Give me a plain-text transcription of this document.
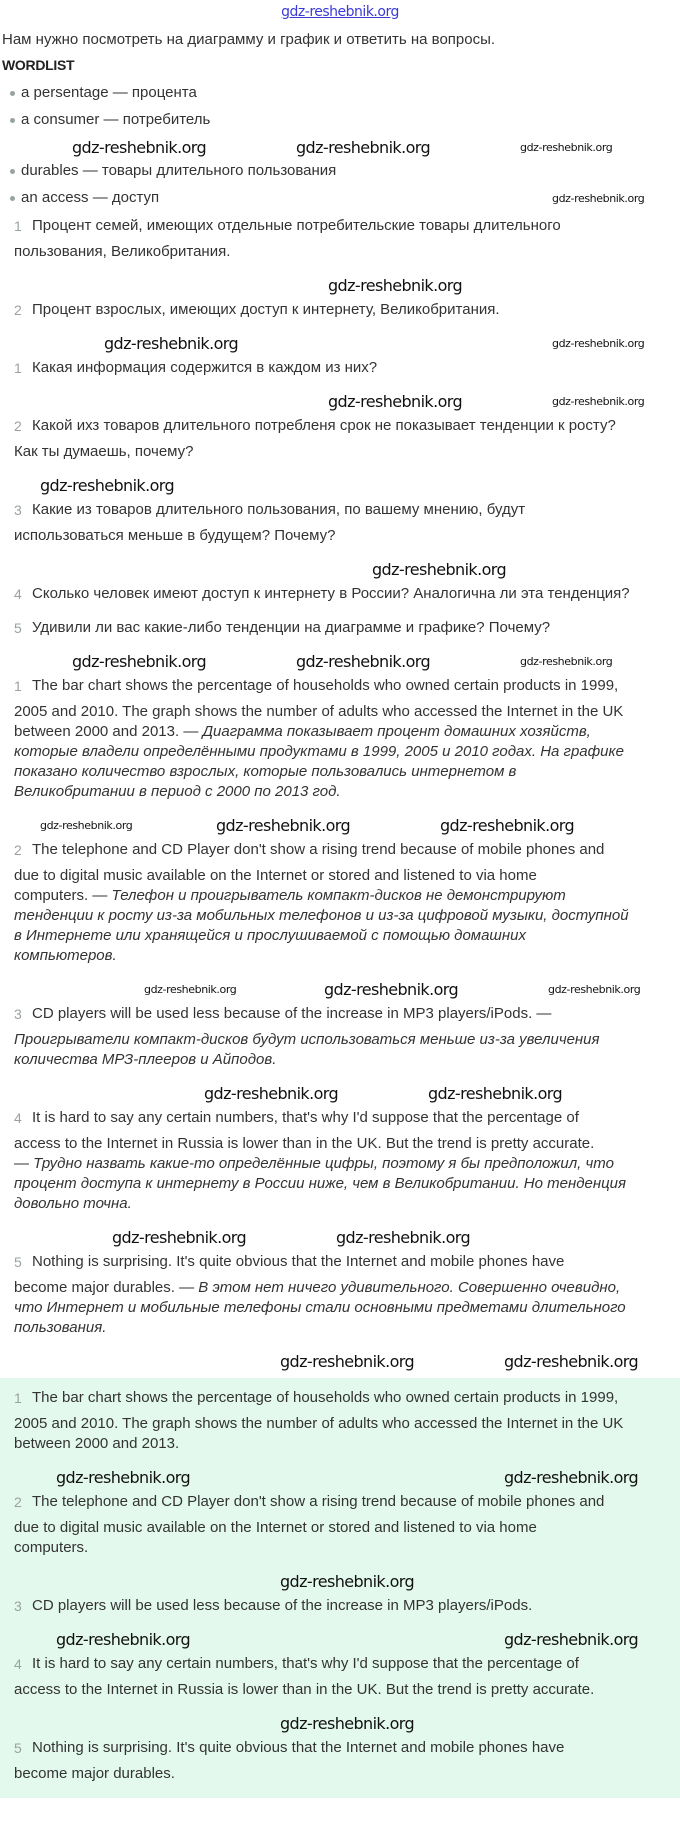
gdz-reshebnik.org
Нам нужно посмотреть на диаграмму и график и ответить на вопросы.
WORDLIST
a persentage — процента
a consumer — потребитель
gdz-reshebnik.org	gdz-reshebnik.org	gdz-reshebnik.org
durables — товары длительного пользования
an access — доступ	gdz-reshebnik.org
1 Процент семей, имеющих отдельные потребительские товары длительного
пользования, Великобритания.
gdz-reshebnik.org
2 Процент взрослых, имеющих доступ к интернету, Великобритания.
gdz-reshebnik.org	gdz-reshebnik.org
1 Какая информация содержится в каждом из них?
gdz-reshebnik.org	gdz-reshebnik.org
2 Какой ихз товаров длительного потребленя срок не показывает тенденции к росту?
Как ты думаешь, почему?
gdz-reshebnik.org
3 Какие из товаров длительного пользования, по вашему мнению, будут
использоваться меньше в будущем? Почему?
gdz-reshebnik.org
4 Сколько человек имеют доступ к интернету в России? Аналогична ли эта тенденция?
5 Удивили ли вас какие-либо тенденции на диаграмме и графике? Почему?
gdz-reshebnik.org	gdz-reshebnik.org	gdz-reshebnik.org
1 The bar chart shows the percentage of households who owned certain products in 1999,
2005 and 2010. The graph shows the number of adults who accessed the Internet in the UK
between 2000 and 2013. — Диаграмма показывает процент домашних хозяйств,
которые владели определёнными продуктами в 1999, 2005 и 2010 годах. На графике
показано количество взрослых, которые пользовались интернетом в
Великобритании в период с 2000 по 2013 год.
gdz-reshebnik.org	gdz-reshebnik.org	gdz-reshebnik.org
2 The telephone and CD Player don't show a rising trend because of mobile phones and
due to digital music available on the Internet or stored and listened to via home
computers. — Телефон и проигрыватель компакт-дисков не демонстрируют
тенденции к росту из-за мобильных телефонов и из-за цифровой музыки, доступной
в Интернете или хранящейся и прослушиваемой с помощью домашних
компьютеров.
gdz-reshebnik.org	gdz-reshebnik.org	gdz-reshebnik.org
3 CD players will be used less because of the increase in MP3 players/iPods. —
Проигрыватели компакт-дисков будут использоваться меньше из-за увеличения
количества МРЗ-плееров и Айподов.
gdz-reshebnik.org	gdz-reshebnik.org
4 It is hard to say any certain numbers, that's why I'd suppose that the percentage of
access to the Internet in Russia is lower than in the UK. But the trend is pretty accurate.
— Трудно назвать какие-то определённые цифры, поэтому я бы предположил, что
процент доступа к интернету в России ниже, чем в Великобритании. Но тенденция
довольно точна.
gdz-reshebnik.org	gdz-reshebnik.org
5 Nothing is surprising. It's quite obvious that the Internet and mobile phones have
become major durables. — В этом нет ничего удивительного. Совершенно очевидно,
что Интернет и мобильные телефоны стали основными предметами длительного
пользования.
gdz-reshebnik.org	gdz-reshebnik.org
1 The bar chart shows the percentage of households who owned certain products in 1999,
2005 and 2010. The graph shows the number of adults who accessed the Internet in the UK
between 2000 and 2013.
gdz-reshebnik.org	gdz-reshebnik.org
2 The telephone and CD Player don't show a rising trend because of mobile phones and
due to digital music available on the Internet or stored and listened to via home
computers.
gdz-reshebnik.org
3 CD players will be used less because of the increase in MP3 players/iPods.
gdz-reshebnik.org	gdz-reshebnik.org
4 It is hard to say any certain numbers, that's why I'd suppose that the percentage of
access to the Internet in Russia is lower than in the UK. But the trend is pretty accurate.
gdz-reshebnik.org
5 Nothing is surprising. It's quite obvious that the Internet and mobile phones have
become major durables.
